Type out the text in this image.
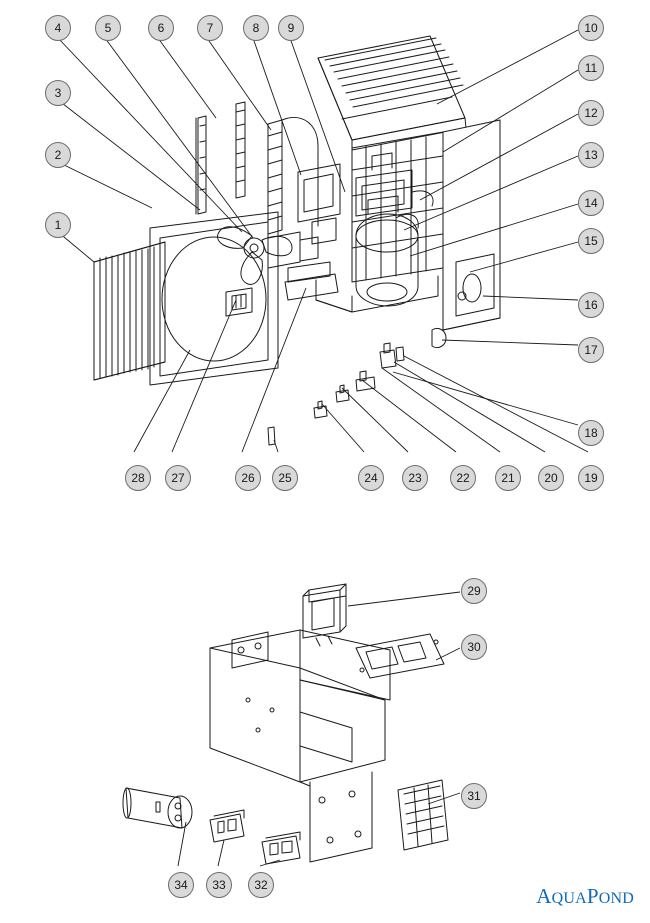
4	5	6	7	8	9	10
11
3
12
13
2
14
1
15
16
17
18
19
20
21
22
23
24
25
26
27
28
29
30
31
34	33	32	AQUAPOND
